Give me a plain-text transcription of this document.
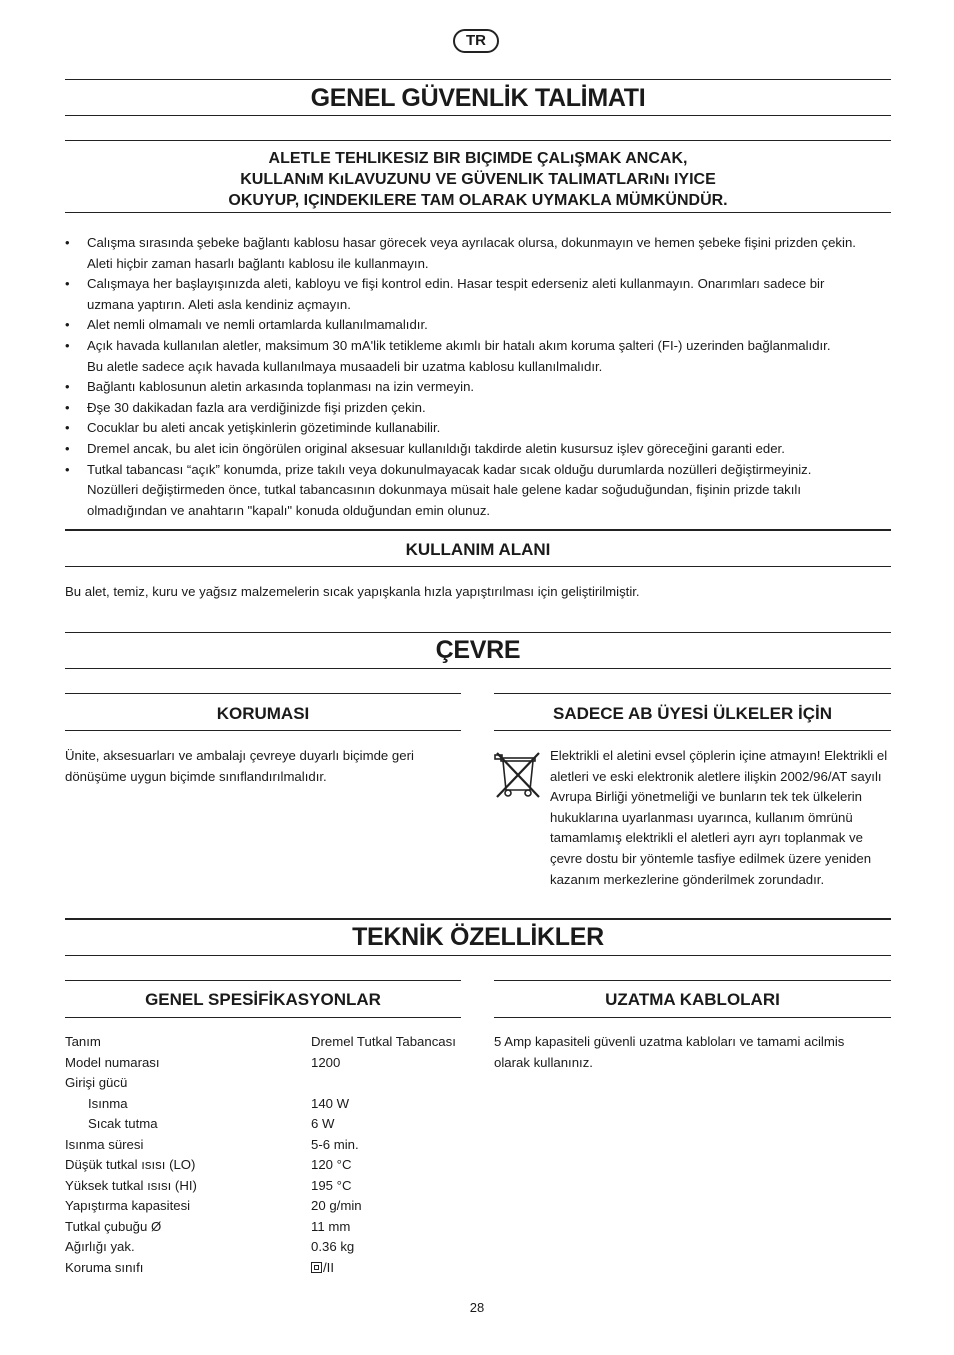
TR
GENEL GÜVENLİK TALİMATI
ALETLE TEHLIKESIZ BIR BIÇIMDE ÇALıŞMAK ANCAK,
KULLANıM KıLAVUZUNU VE GÜVENLIK TALIMATLARıNı IYICE
OKUYUP, IÇINDEKILERE TAM OLARAK UYMAKLA MÜMKÜNDÜR.
• Calışma sırasında şebeke bağlantı kablosu hasar görecek veya ayrılacak olursa, dokunmayın ve hemen şebeke fişini prizden çekin.
Aleti hiçbir zaman hasarlı bağlantı kablosu ile kullanmayın.
• Calışmaya her başlayışınızda aleti, kabloyu ve fişi kontrol edin. Hasar tespit ederseniz aleti kullanmayın. Onarımları sadece bir
uzmana yaptırın. Aleti asla kendiniz açmayın.
• Alet nemli olmamalı ve nemli ortamlarda kullanılmamalıdır.
• Açık havada kullanılan aletler, maksimum 30 mA'lik tetikleme akımlı bir hatalı akım koruma şalteri (FI-) uzerinden bağlanmalıdır.
Bu aletle sadece açık havada kullanılmaya musaadeli bir uzatma kablosu kullanılmalıdır.
• Bağlantı kablosunun aletin arkasında toplanması na izin vermeyin.
• Đşe 30 dakikadan fazla ara verdiğinizde fişi prizden çekin.
• Cocuklar bu aleti ancak yetişkinlerin gözetiminde kullanabilir.
• Dremel ancak, bu alet icin öngörülen original aksesuar kullanıldığı takdirde aletin kusursuz işlev göreceğini garanti eder.
• Tutkal tabancası “açık” konumda, prize takılı veya dokunulmayacak kadar sıcak olduğu durumlarda nozülleri değiştirmeyiniz.
Nozülleri değiştirmeden önce, tutkal tabancasının dokunmaya müsait hale gelene kadar soğuduğundan, fişinin prizde takılı
olmadığından ve anahtarın "kapalı" konuda olduğundan emin olunuz.
KULLANIM ALANI
Bu alet, temiz, kuru ve yağsız malzemelerin sıcak yapışkanla hızla yapıştırılması için geliştirilmiştir.
ÇEVRE
KORUMASI
Ünite, aksesuarları ve ambalajı çevreye duyarlı biçimde geri
dönüşüme uygun biçimde sınıflandırılmalıdır.
SADECE AB ÜYESİ ÜLKELER İÇİN
Elektrikli el aletini evsel çöplerin içine atmayın! Elektrikli el
aletleri ve eski elektronik aletlere ilişkin 2002/96/AT sayılı
Avrupa Birliği yönetmeliği ve bunların tek tek ülkelerin
hukuklarına uyarlanması uyarınca, kullanım ömrünü
tamamlamış elektrikli el aletleri ayrı ayrı toplanmak ve
çevre dostu bir yöntemle tasfiye edilmek üzere yeniden
kazanım merkezlerine gönderilmek zorundadır.
TEKNİK ÖZELLİKLER
GENEL SPESİFİKASYONLAR
Tanım	Dremel Tutkal Tabancası
Model numarası	1200
Girişi gücü
Isınma	140 W
Sıcak tutma	6 W
Isınma süresi	5-6 min.
Düşük tutkal ısısı (LO)	120 °C
Yüksek tutkal ısısı (HI)	195 °C
Yapıştırma kapasitesi	20 g/min
Tutkal çubuğu Ø	11 mm
Ağırlığı yak.	0.36 kg
Koruma sınıfı	/II
UZATMA KABLOLARI
5 Amp kapasiteli güvenli uzatma kabloları ve tamami acilmis
olarak kullanınız.
28
